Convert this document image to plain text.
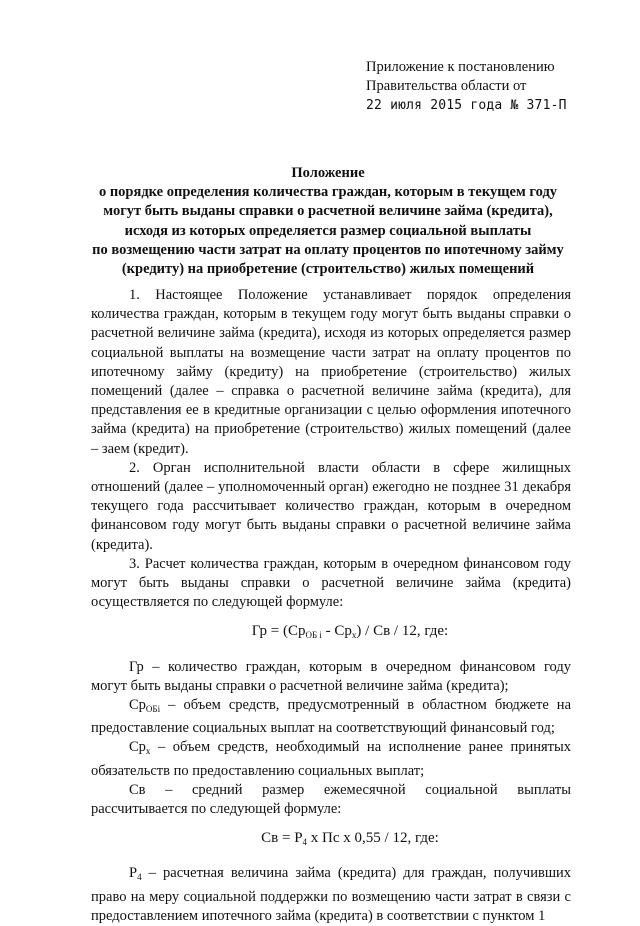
Приложение к постановлению
Правительства области от
22 июля 2015 года № 371-П
Положение
о порядке определения количества граждан, которым в текущем году
могут быть выданы справки о расчетной величине займа (кредита),
исходя из которых определяется размер социальной выплаты
по возмещению части затрат на оплату процентов по ипотечному займу
(кредиту) на приобретение (строительство) жилых помещений

1. Настоящее Положение устанавливает порядок определения количества граждан, которым в текущем году могут быть выданы справки о расчетной величине займа (кредита), исходя из которых определяется размер социальной выплаты на возмещение части затрат на оплату процентов по ипотечному займу (кредиту) на приобретение (строительство) жилых помещений (далее – справка о расчетной величине займа (кредита), для представления ее в кредитные организации с целью оформления ипотечного займа (кредита) на приобретение (строительство) жилых помещений (далее – заем (кредит).

2. Орган исполнительной власти области в сфере жилищных отношений (далее – уполномоченный орган) ежегодно не позднее 31 декабря текущего года рассчитывает количество граждан, которым в очередном финансовом году могут быть выданы справки о расчетной величине займа (кредита).

3. Расчет количества граждан, которым в очередном финансовом году могут быть выданы справки о расчетной величине займа (кредита) осуществляется по следующей формуле:

Гр = $(Ср_{ОБ i} - Ср_х)$ / Св / 12, где:

Гр – количество граждан, которым в очередном финансовом году могут быть выданы справки о расчетной величине займа (кредита);

$Ср_{ОБi}$ – объем средств, предусмотренный в областном бюджете на предоставление социальных выплат на соответствующий финансовый год;

$Ср_х$ – объем средств, необходимый на исполнение ранее принятых обязательств по предоставлению социальных выплат;

Св – средний размер ежемесячной социальной выплаты рассчитывается по следующей формуле:

Св = $Р_4$ х Пс х 0,55 / 12, где:

$Р_4$ – расчетная величина займа (кредита) для граждан, получивших право на меру социальной поддержки по возмещению части затрат в связи с предоставлением ипотечного займа (кредита) в соответствии с пунктом 1
